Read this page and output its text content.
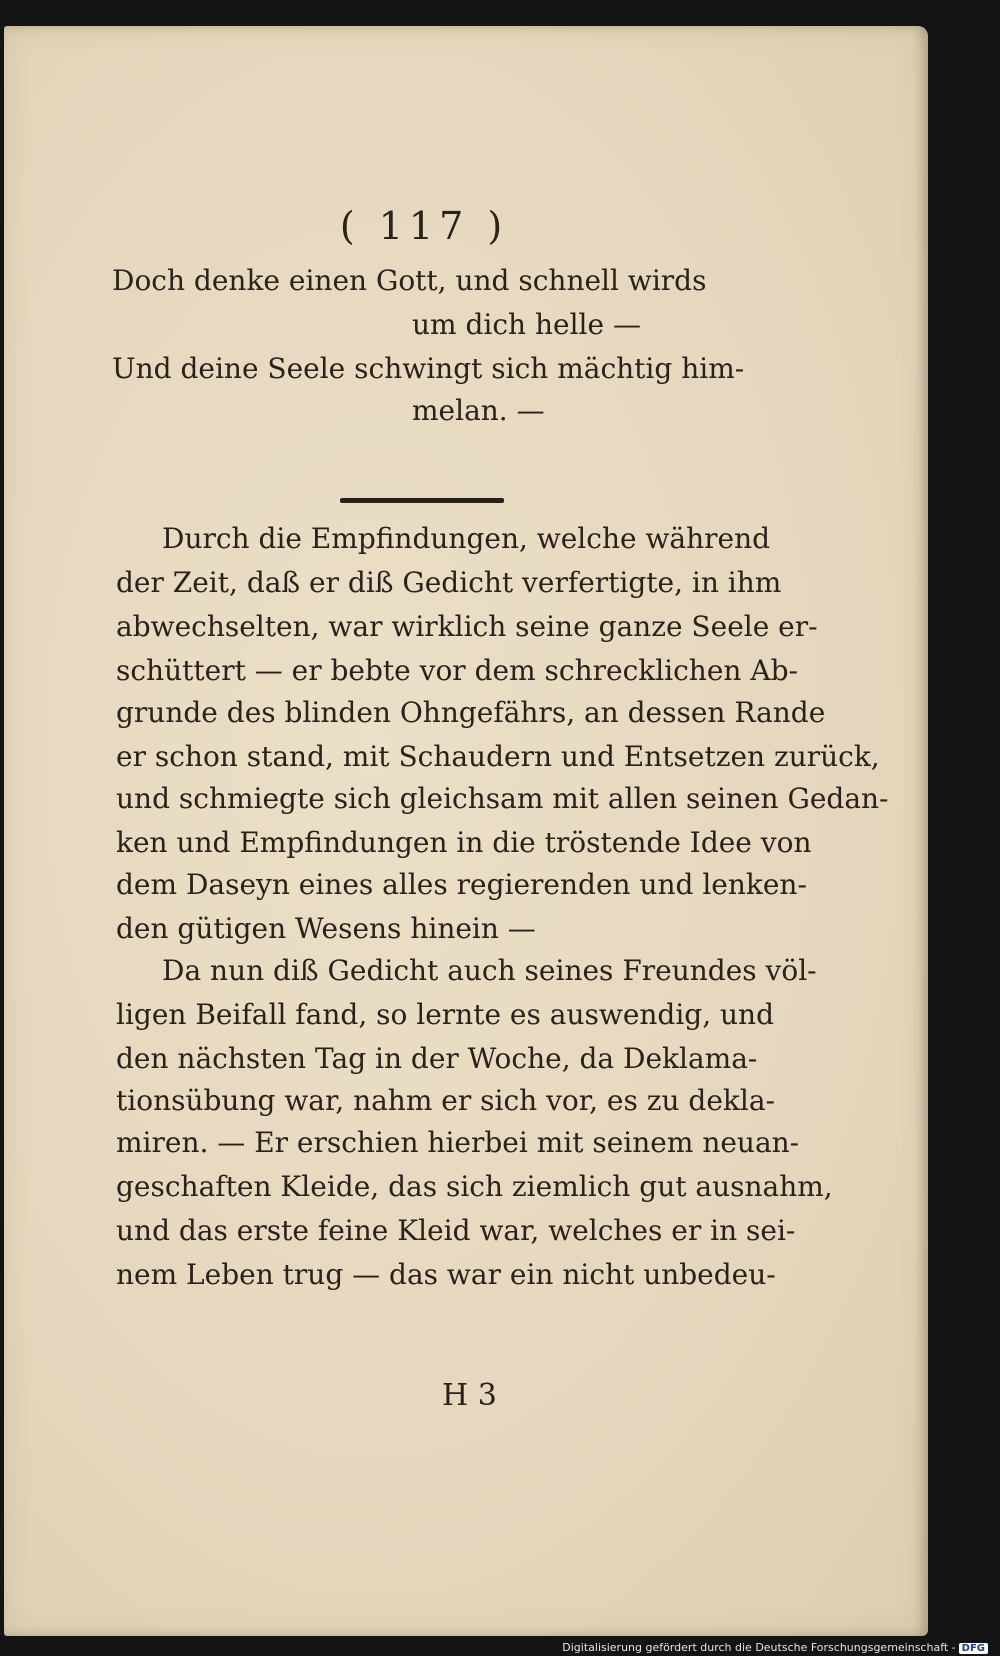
( 117 )
Doch denke einen Gott, und schnell wirds
um dich helle —
Und deine Seele schwingt sich mächtig him-
melan. —
Durch die Empfindungen, welche während
der Zeit, daß er diß Gedicht verfertigte, in ihm
abwechselten, war wirklich seine ganze Seele er-
schüttert — er bebte vor dem schrecklichen Ab-
grunde des blinden Ohngefährs, an dessen Rande
er schon stand, mit Schaudern und Entsetzen zurück,
und schmiegte sich gleichsam mit allen seinen Gedan-
ken und Empfindungen in die tröstende Idee von
dem Daseyn eines alles regierenden und lenken-
den gütigen Wesens hinein —
Da nun diß Gedicht auch seines Freundes völ-
ligen Beifall fand, so lernte es auswendig, und
den nächsten Tag in der Woche, da Deklama-
tionsübung war, nahm er sich vor, es zu dekla-
miren. — Er erschien hierbei mit seinem neuan-
geschaften Kleide, das sich ziemlich gut ausnahm,
und das erste feine Kleid war, welches er in sei-
nem Leben trug — das war ein nicht unbedeu-
H 3
Digitalisierung gefördert durch die Deutsche Forschungsgemeinschaft - DFG
